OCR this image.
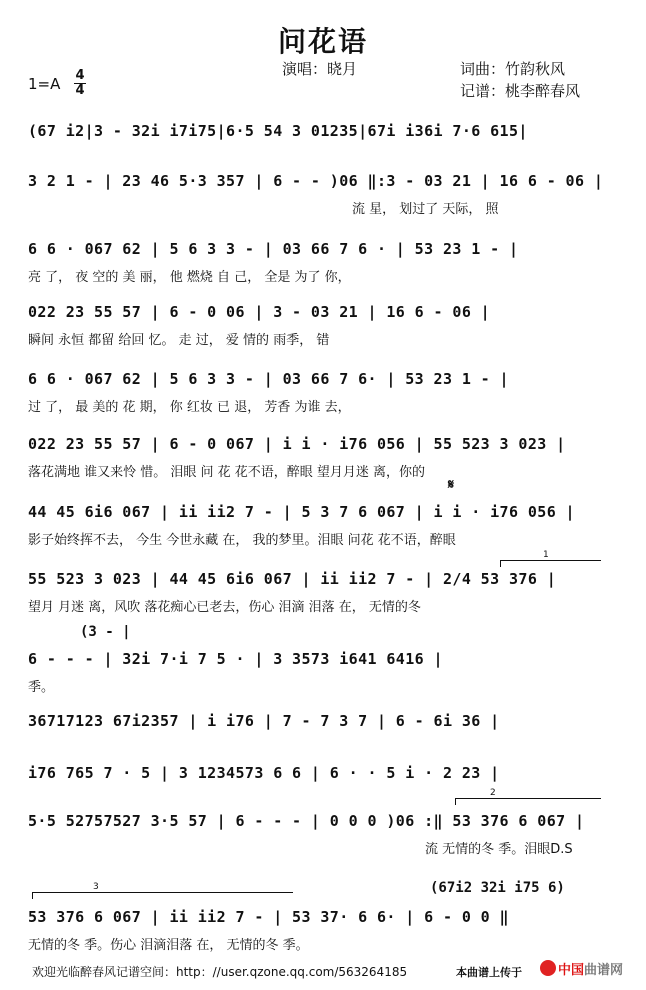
问花语
演唱：晓月	词曲：竹韵秋风
记谱：桃李醉春风
1=A 4
4
(67 i2|3 - 32i i7i75|6·5 54 3 01235|67i i36i 7·6 615|
3 2 1 - | 23 46 5·3 357 | 6 - - )06 ‖:3 - 03 21 | 16 6 - 06 |
流 星， 划过了 天际， 照
6 6 · 067 62 | 5 6 3 3 - | 03 66 7 6 · | 53 23 1 - |
亮 了， 夜 空的 美 丽， 他 燃烧 自 己， 全是 为了 你，
022 23 55 57 | 6 - 0 06 | 3 - 03 21 | 16 6 - 06 |
瞬间 永恒 都留 给回 忆。 走 过， 爱 情的 雨季， 错
6 6 · 067 62 | 5 6 3 3 - | 03 66 7 6· | 53 23 1 - |
过 了， 最 美的 花 期， 你 红妆 已 退， 芳香 为谁 去，
022 23 55 57 | 6 - 0 067 | i i · i76 056 | 55 523 3 023 |
落花满地 谁又来怜 惜。 泪眼 问 花 花不语，醉眼 望月月迷 离，你的
𝄋
44 45 6i6 067 | ii ii2 7 - | 5 3 7 6 067 | i i · i76 056 |
影子始终挥不去， 今生 今世永藏 在， 我的梦里。泪眼 问花 花不语，醉眼
1
55 523 3 023 | 44 45 6i6 067 | ii ii2 7 - | 2/4 53 376 |
望月 月迷 离，风吹 落花痴心已老去，伤心 泪滴 泪落 在， 无情的冬
(3 - |
6 - - - | 32i 7·i 7 5 · | 3 3573 i641 6416 |
季。
36717123 67i2357 | i i76 | 7 - 7 3 7 | 6 - 6i 36 |
i76 765 7 · 5 | 3 1234573 6 6 | 6 · · 5 i · 2 23 |
2
5·5 52757527 3·5 57 | 6 - - - | 0 0 0 )06 :‖ 53 376 6 067 |
流 无情的冬 季。泪眼D.S
3	(67i2 32i i75 6)
53 376 6 067 | ii ii2 7 - | 53 37· 6 6· | 6 - 0 0 ‖
无情的冬 季。伤心 泪滴泪落 在， 无情的冬 季。
欢迎光临醉春风记谱空间：http：//user.qzone.qq.com/563264185	本曲谱上传于	中国曲谱网
